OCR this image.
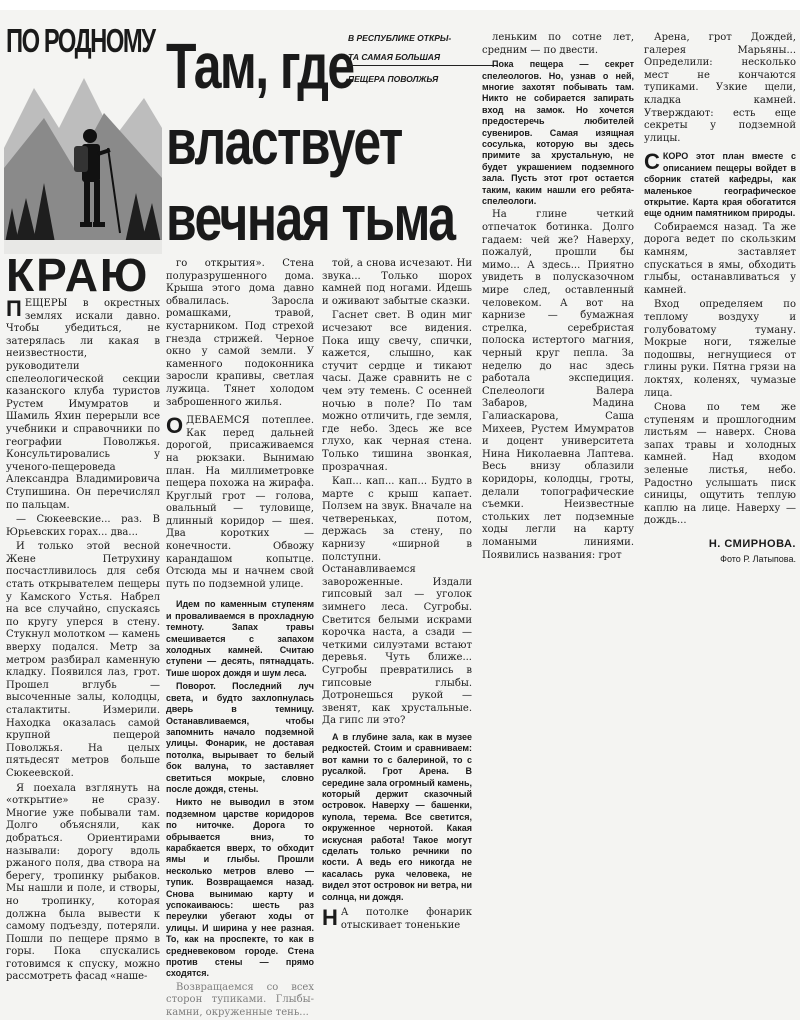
ПО РОДНОМУ
КРАЮ
Там, где
властвует
вечная тьма
В РЕСПУБЛИКЕ ОТКРЫ-
ТА САМАЯ БОЛЬШАЯ
ПЕЩЕРА ПОВОЛЖЬЯ

ПЕЩЕРЫ в окрестных землях искали давно. Чтобы убедиться, не затерялась ли какая в неизвестности, руководители спелеологической секции казанского клуба туристов Рустем Имумратов и Шамиль Яхин перерыли все учебники и справочники по географии Поволжья. Консультировались у ученого-пещероведа Александра Владимировича Ступишина. Он перечислял по пальцам.

— Сюкеевские... раз. В Юрьевских горах... два...

И только этой весной Жене Петрухину посчастливилось для себя стать открывателем пещеры у Камского Устья. Набрел на все случайно, спускаясь по кругу уперся в стену. Стукнул молотком — камень вверху подался. Метр за метром разбирал каменную кладку. Появился лаз, грот. Прошел вглубь — высоченные залы, колодцы, сталактиты. Измерили. Находка оказалась самой крупной пещерой Поволжья. На целых пятьдесят метров больше Сюкеевской.

Я поехала взглянуть на «открытие» не сразу. Многие уже побывали там. Долго объясняли, как добраться. Ориентирами называли: дорогу вдоль ржаного поля, два створа на берегу, тропинку рыбаков. Мы нашли и поле, и створы, но тропинку, которая должна была вывести к самому подъезду, потеряли. Пошли по пещере прямо в горы. Пока спускались готовимся к спуску, можно рассмотреть фасад «наше-

го открытия». Стена полуразрушенного дома. Крыша этого дома давно обвалилась. Заросла ромашками, травой, кустарником. Под стрехой гнезда стрижей. Черное окно у самой земли. У каменного подоконника заросли крапивы, светлая лужица. Тянет холодом заброшенного жилья.

ОДЕВАЕМСЯ потеплее. Как перед дальней дорогой, присаживаемся на рюкзаки. Вынимаю план. На миллиметровке пещера похожа на жирафа. Круглый грот — голова, овальный — туловище, длинный коридор — шея. Два коротких — конечности. Обвожу карандашом копытце. Отсюда мы и начнем свой путь по подземной улице.

Идем по каменным ступеням и проваливаемся в прохладную темноту. Запах травы смешивается с запахом холодных камней. Считаю ступени — десять, пятнадцать. Тише шорох дождя и шум леса.

Поворот. Последний луч света, и будто захлопнулась дверь в темницу. Останавливаемся, чтобы запомнить начало подземной улицы. Фонарик, не доставая потолка, вырывает то белый бок валуна, то заставляет светиться мокрые, словно после дождя, стены.

Никто не выводил в этом подземном царстве коридоров по ниточке. Дорога то обрывается вниз, то карабкается вверх, то обходит ямы и глыбы. Прошли несколько метров влево — тупик. Возвращаемся назад. Снова вынимаю карту и успокаиваюсь: шесть раз переулки убегают ходы от улицы. И ширина у нее разная. То, как на проспекте, то как в средневековом городе. Стена против стены — прямо сходятся.

Возвращаемся со всех сторон тупиками. Глыбы-камни, окруженные тень...

той, а снова исчезают. Ни звука... Только шорох камней под ногами. Идешь и оживают забытые сказки.

Гаснет свет. В один миг исчезают все видения. Пока ищу свечу, спички, кажется, слышно, как стучит сердце и тикают часы. Даже сравнить не с чем эту темень. С осенней ночью в поле? По там можно отличить, где земля, где небо. Здесь же все глухо, как черная стена. Только тишина звонкая, прозрачная.

Кап... кап... кап... Будто в марте с крыш капает. Ползем на звук. Вначале на четвереньках, потом, держась за стену, по карнизу «ширной в полступни. Останавливаемся завороженные. Издали гипсовый зал — уголок зимнего леса. Сугробы. Светится белыми искрами корочка наста, а сзади — четкими силуэтами встают деревья. Чуть ближе... Сугробы превратились в гипсовые глыбы. Дотронешься рукой — звенят, как хрустальные. Да гипс ли это?

А в глубине зала, как в музее редкостей. Стоим и сравниваем: вот камни то с балериной, то с русалкой. Грот Арена. В середине зала огромный камень, который держит сказочный островок. Наверху — башенки, купола, терема. Все светится, окруженное чернотой. Какая искусная работа! Такое могут сделать только речники по кости. А ведь его никогда не касалась рука человека, не видел этот островок ни ветра, ни солнца, ни дождя.

Н А потолке фонарик отыскивает тоненькие

леньким по сотне лет, средним — по двести.

Пока пещера — секрет спелеологов. Но, узнав о ней, многие захотят побывать там. Никто не собирается запирать вход на замок. Но хочется предостеречь любителей сувениров. Самая изящная сосулька, которую вы здесь примите за хрустальную, не будет украшением подземного зала. Пусть этот грот остается таким, каким нашли его ребята-спелеологи.

На глине четкий отпечаток ботинка. Долго гадаем: чей же? Наверху, пожалуй, прошли бы мимо... А здесь... Приятно увидеть в полусказочном мире след, оставленный человеком. А вот на карнизе — бумажная стрелка, серебристая полоска истертого магния, черный круг пепла. За неделю до нас здесь работала экспедиция. Спелеологи Валера Забаров, Мадина Галиаскарова, Саша Михеев, Рустем Имумратов и доцент университета Нина Николаевна Лаптева. Весь внизу облазили коридоры, колодцы, гроты, делали топографические съемки. Неизвестные стольких лет подземные ходы легли на карту ломаными линиями. Появились названия: грот

Арена, грот Дождей, галерея Марьяны... Определили: несколько мест не кончаются тупиками. Узкие щели, кладка камней. Утверждают: есть еще секреты у подземной улицы.

СКОРО этот план вместе с описанием пещеры войдет в сборник статей кафедры, как маленькое географическое открытие. Карта края обогатится еще одним памятником природы.

Собираемся назад. Та же дорога ведет по скользким камням, заставляет спускаться в ямы, обходить глыбы, останавливаться у камней.

Вход определяем по теплому воздуху и голубоватому туману. Мокрые ноги, тяжелые подошвы, негнущиеся от глины руки. Пятна грязи на локтях, коленях, чумазые лица.

Снова по тем же ступеням и прошлогодним листьям — наверх. Снова запах травы и холодных камней. Над входом зеленые листья, небо. Радостно услышать писк синицы, ощутить теплую каплю на лице. Наверху — дождь...

Н. СМИРНОВА.
Фото Р. Латыпова.
